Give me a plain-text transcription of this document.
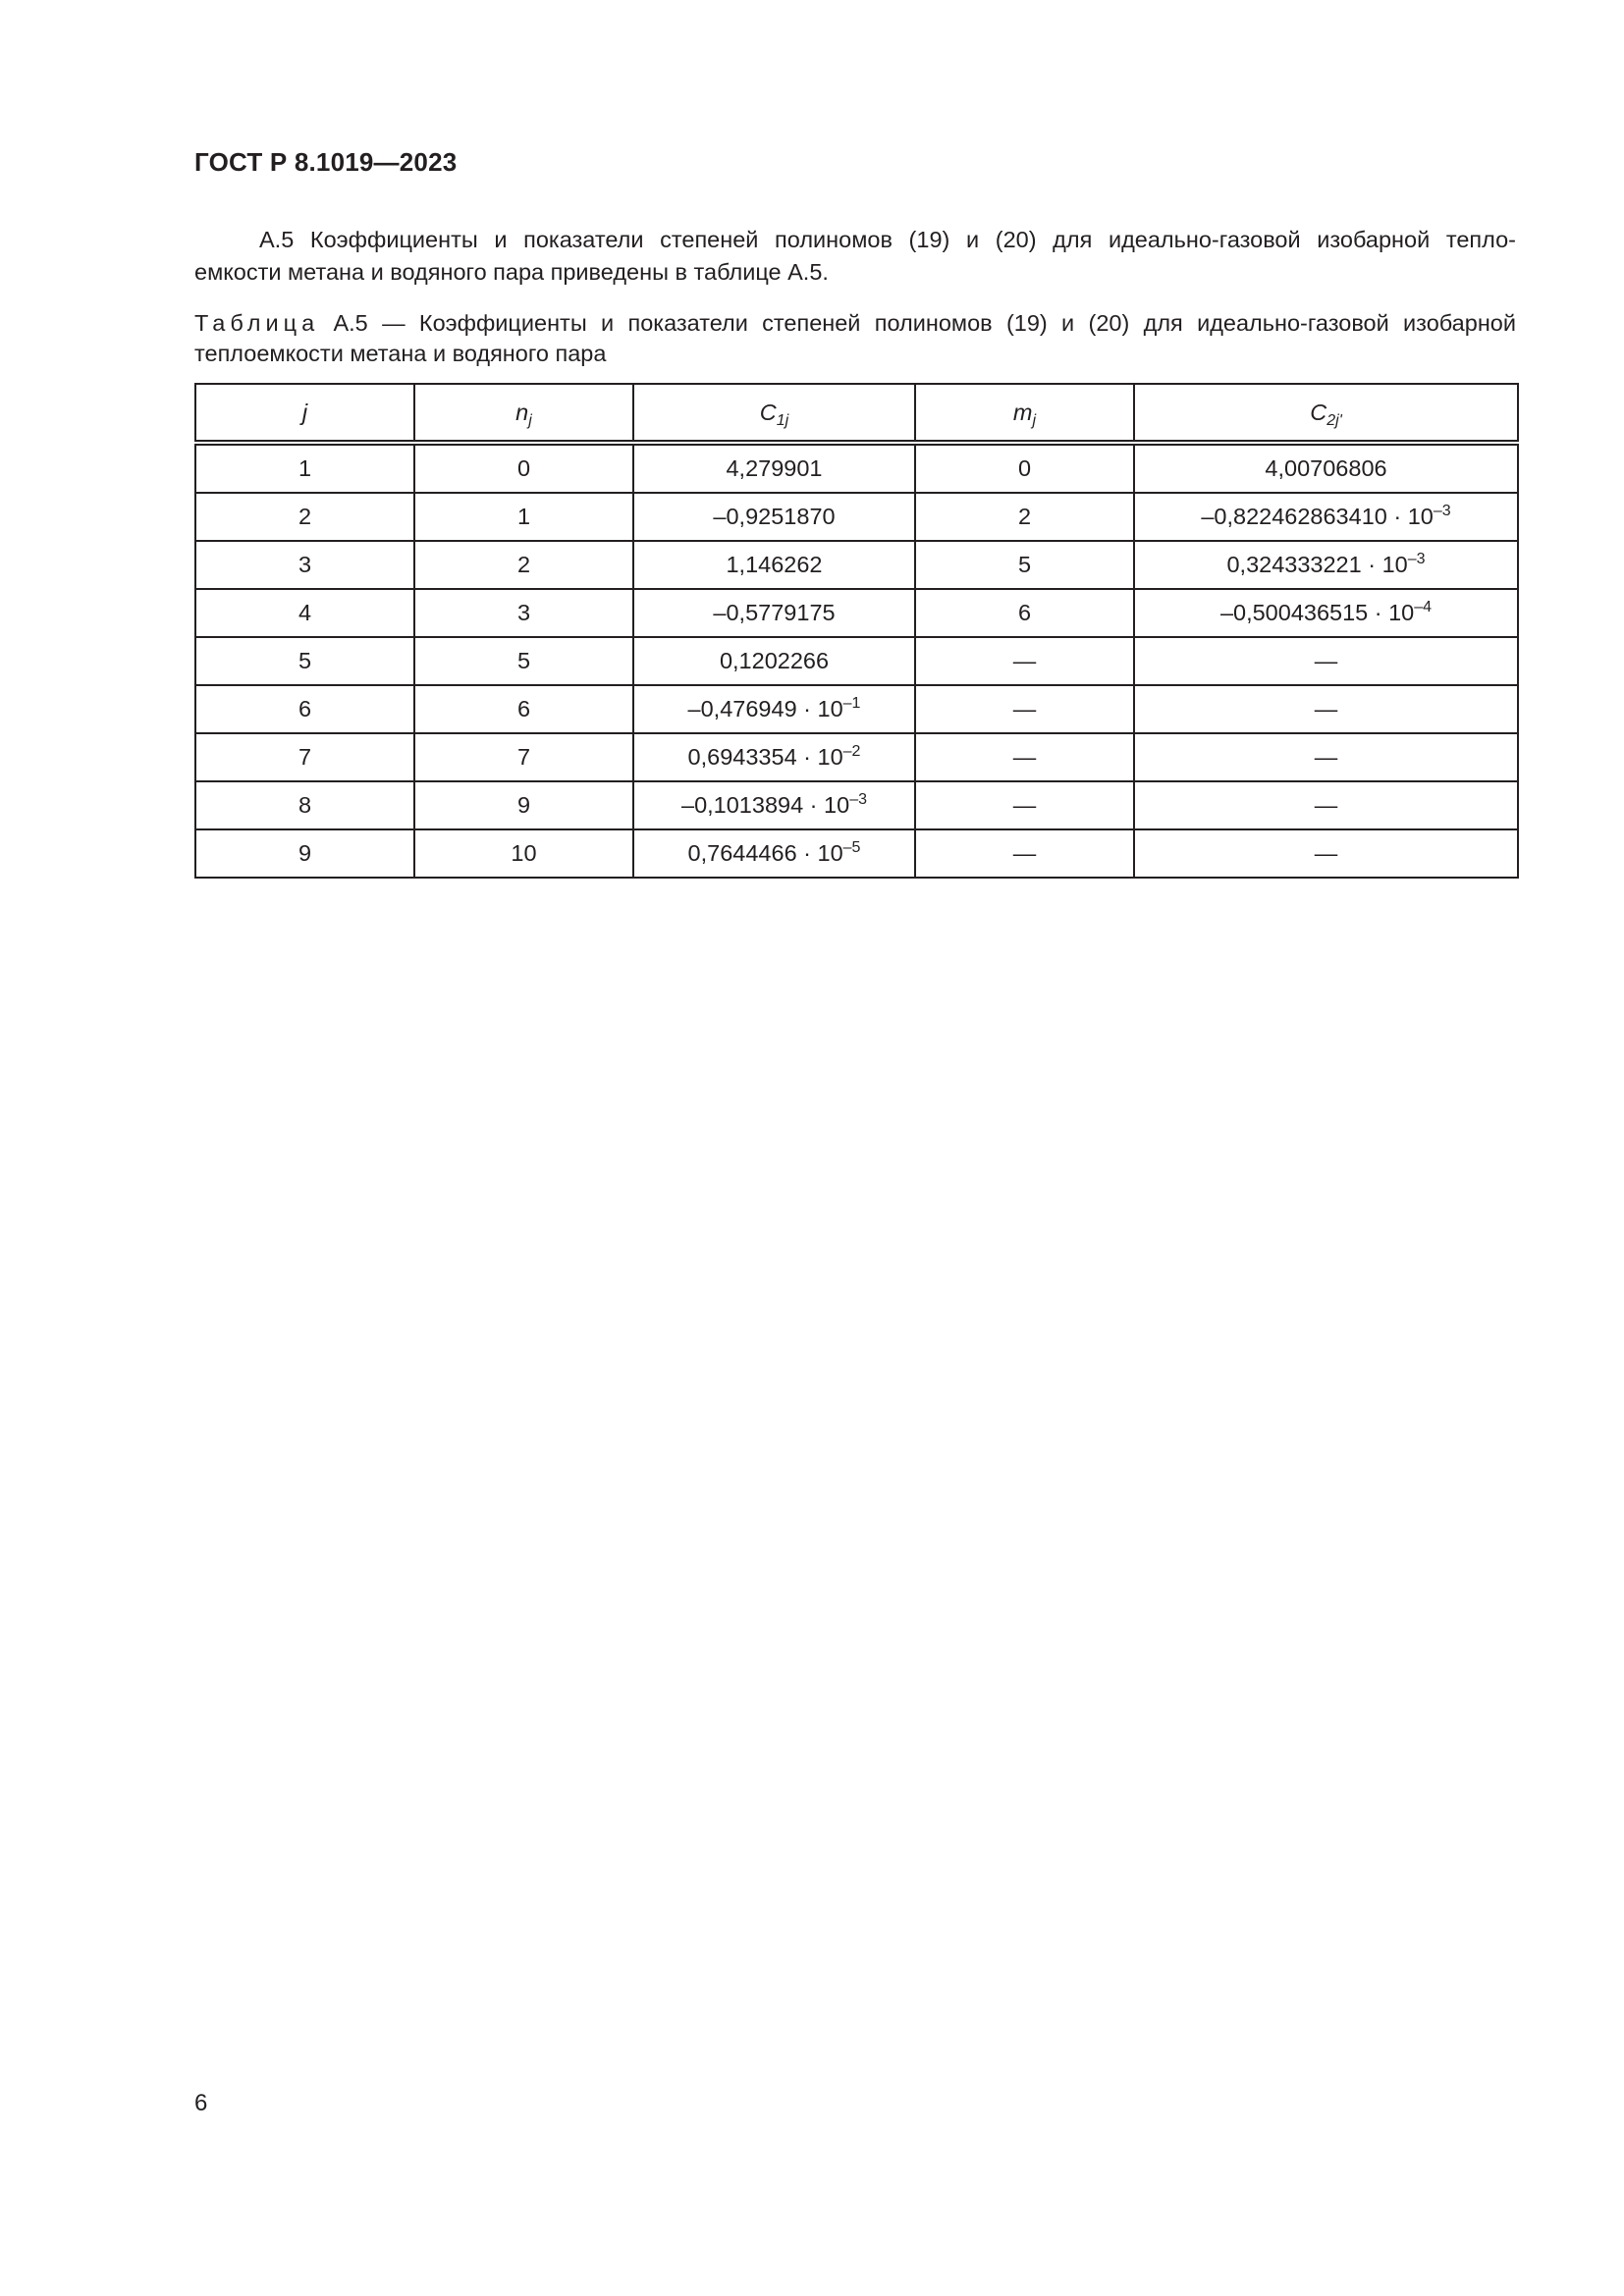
ГОСТ Р 8.1019—2023
А.5 Коэффициенты и показатели степеней полиномов (19) и (20) для идеально-газовой изобарной тепло-
емкости метана и водяного пара приведены в таблице А.5.
Таблица А.5 — Коэффициенты и показатели степеней полиномов (19) и (20) для идеально-газовой изобарной
теплоемкости метана и водяного пара
j	$n_j$	$C_{1j}$	$m_j$	$C_{2j'}$
1	0	4,279901	0	4,00706806
2	1	–0,9251870	2	$-0,822462863410 \cdot 10^{-3}$
3	2	1,146262	5	$0,324333221 \cdot 10^{-3}$
4	3	–0,5779175	6	$-0,500436515 \cdot 10^{-4}$
5	5	0,1202266	—	—
6	6	$-0,476949 \cdot 10^{-1}$	—	—
7	7	$0,6943354 \cdot 10^{-2}$	—	—
8	9	$-0,1013894 \cdot 10^{-3}$	—	—
9	10	$0,7644466 \cdot 10^{-5}$	—	—
6
